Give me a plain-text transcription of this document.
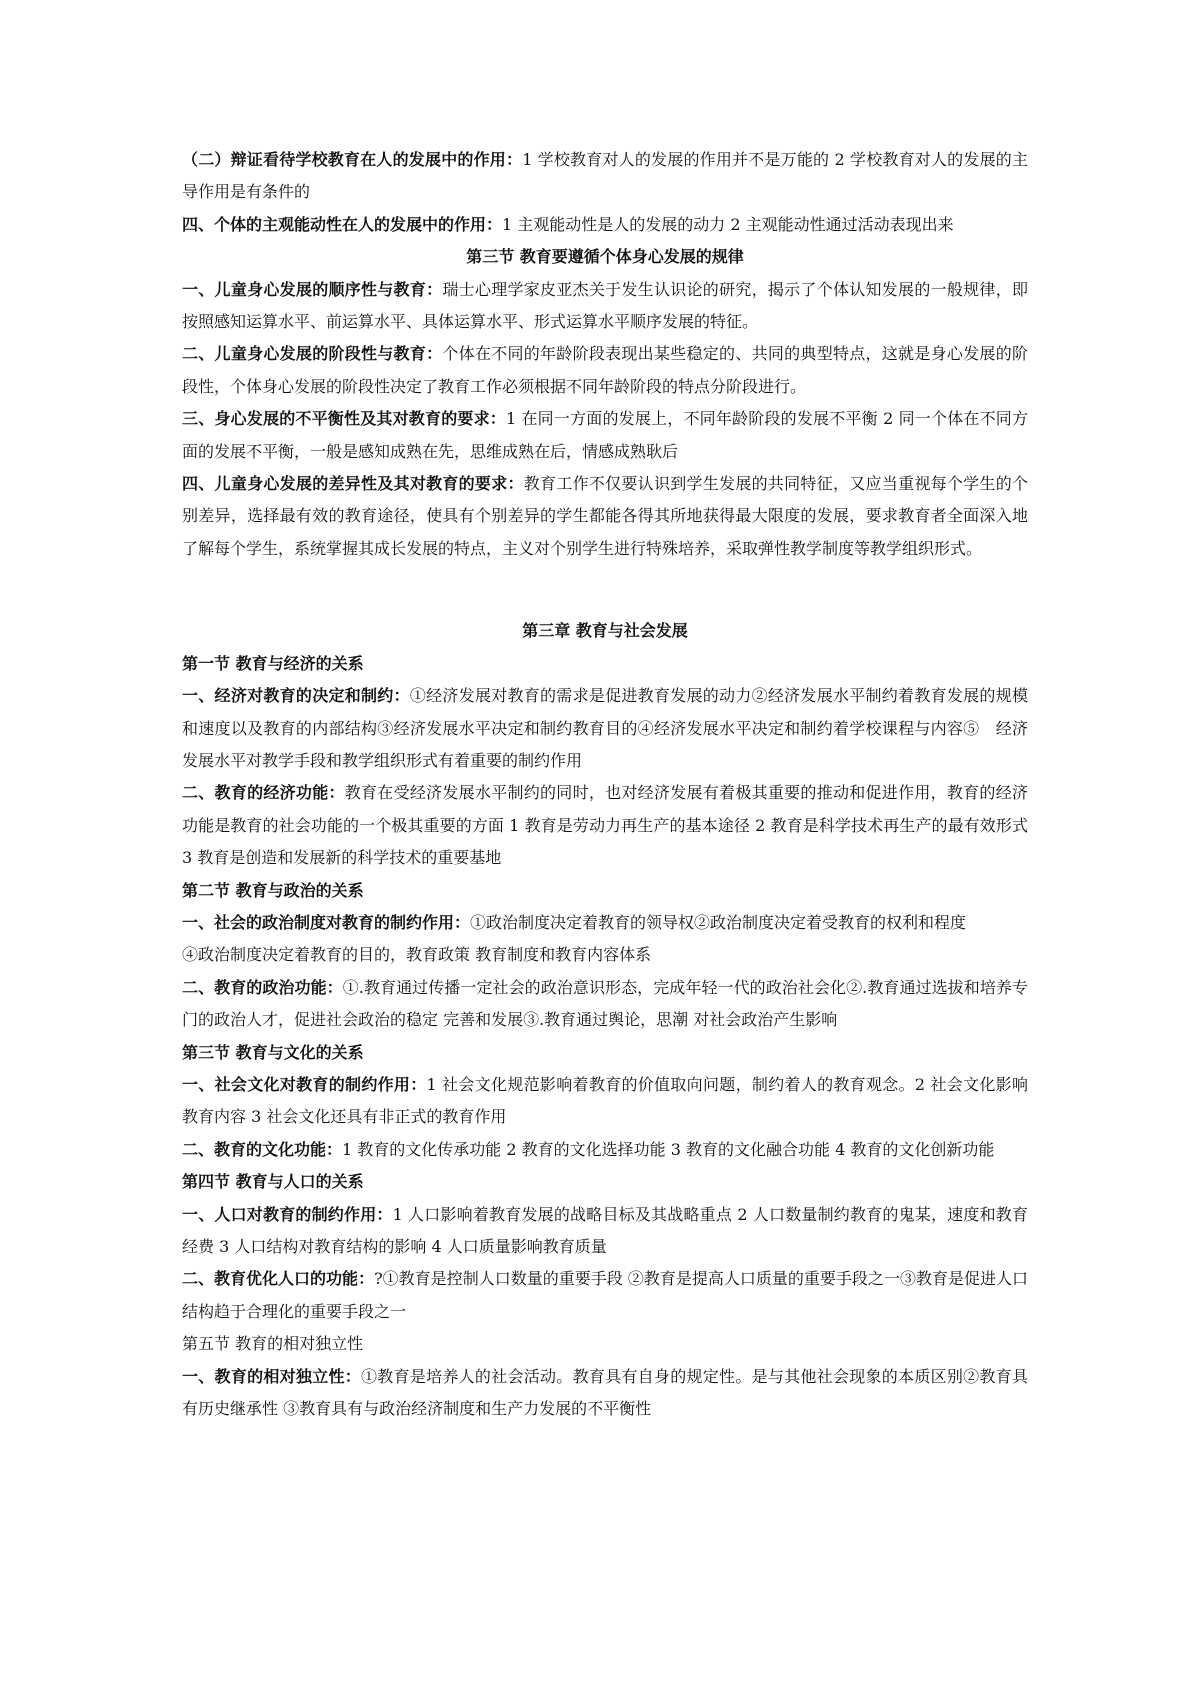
（二）辩证看待学校教育在人的发展中的作用：1 学校教育对人的发展的作用并不是万能的 2 学校教育对人的发展的主导作用是有条件的

四、个体的主观能动性在人的发展中的作用：1 主观能动性是人的发展的动力 2 主观能动性通过活动表现出来

第三节 教育要遵循个体身心发展的规律

一、儿童身心发展的顺序性与教育：瑞士心理学家皮亚杰关于发生认识论的研究，揭示了个体认知发展的一般规律，即按照感知运算水平、前运算水平、具体运算水平、形式运算水平顺序发展的特征。

二、儿童身心发展的阶段性与教育：个体在不同的年龄阶段表现出某些稳定的、共同的典型特点，这就是身心发展的阶段性，个体身心发展的阶段性决定了教育工作必须根据不同年龄阶段的特点分阶段进行。

三、身心发展的不平衡性及其对教育的要求：1 在同一方面的发展上，不同年龄阶段的发展不平衡 2 同一个体在不同方面的发展不平衡，一般是感知成熟在先，思维成熟在后，情感成熟耿后

四、儿童身心发展的差异性及其对教育的要求：教育工作不仅要认识到学生发展的共同特征，又应当重视每个学生的个别差异，选择最有效的教育途径，使具有个别差异的学生都能各得其所地获得最大限度的发展，要求教育者全面深入地了解每个学生，系统掌握其成长发展的特点，主义对个别学生进行特殊培养，采取弹性教学制度等教学组织形式。

第三章 教育与社会发展

第一节 教育与经济的关系

一、经济对教育的决定和制约：①经济发展对教育的需求是促进教育发展的动力②经济发展水平制约着教育发展的规模和速度以及教育的内部结构③经济发展水平决定和制约教育目的④经济发展水平决定和制约着学校课程与内容⑤　经济发展水平对教学手段和教学组织形式有着重要的制约作用

二、教育的经济功能：教育在受经济发展水平制约的同时，也对经济发展有着极其重要的推动和促进作用，教育的经济功能是教育的社会功能的一个极其重要的方面 1 教育是劳动力再生产的基本途径 2 教育是科学技术再生产的最有效形式 3 教育是创造和发展新的科学技术的重要基地

第二节 教育与政治的关系

一、社会的政治制度对教育的制约作用：①政治制度决定着教育的领导权②政治制度决定着受教育的权利和程度

④政治制度决定着教育的目的，教育政策 教育制度和教育内容体系

二、教育的政治功能：①.教育通过传播一定社会的政治意识形态，完成年轻一代的政治社会化②.教育通过选拔和培养专门的政治人才，促进社会政治的稳定 完善和发展③.教育通过舆论，思潮 对社会政治产生影响

第三节 教育与文化的关系

一、社会文化对教育的制约作用：1 社会文化规范影响着教育的价值取向问题，制约着人的教育观念。2 社会文化影响教育内容 3 社会文化还具有非正式的教育作用

二、教育的文化功能：1 教育的文化传承功能 2 教育的文化选择功能 3 教育的文化融合功能 4 教育的文化创新功能

第四节 教育与人口的关系

一、人口对教育的制约作用：1 人口影响着教育发展的战略目标及其战略重点 2 人口数量制约教育的鬼某，速度和教育经费 3 人口结构对教育结构的影响 4 人口质量影响教育质量

二、教育优化人口的功能：?①教育是控制人口数量的重要手段 ②教育是提高人口质量的重要手段之一③教育是促进人口结构趋于合理化的重要手段之一

第五节 教育的相对独立性

一、教育的相对独立性：①教育是培养人的社会活动。教育具有自身的规定性。是与其他社会现象的本质区别②教育具有历史继承性 ③教育具有与政治经济制度和生产力发展的不平衡性
